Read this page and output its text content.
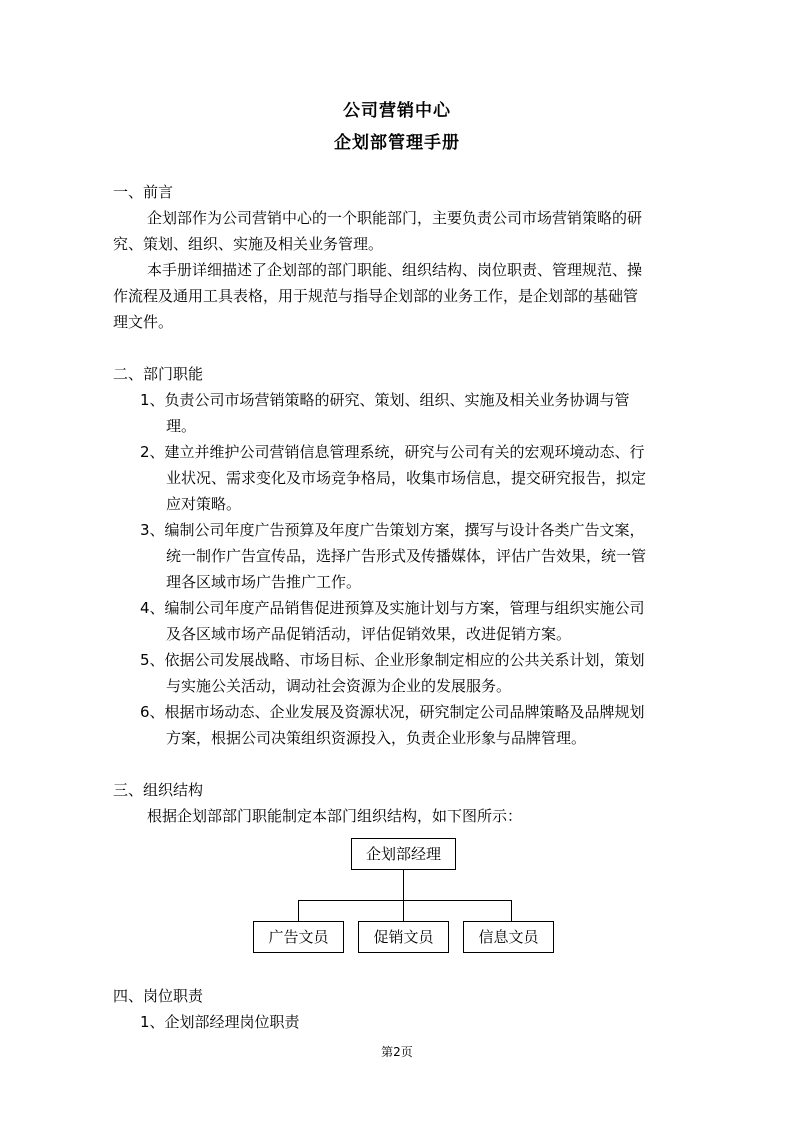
公司营销中心
企划部管理手册
一、前言
企划部作为公司营销中心的一个职能部门，主要负责公司市场营销策略的研
究、策划、组织、实施及相关业务管理。
本手册详细描述了企划部的部门职能、组织结构、岗位职责、管理规范、操
作流程及通用工具表格，用于规范与指导企划部的业务工作，是企划部的基础管
理文件。
二、部门职能
1、负责公司市场营销策略的研究、策划、组织、实施及相关业务协调与管
理。
2、建立并维护公司营销信息管理系统，研究与公司有关的宏观环境动态、行
业状况、需求变化及市场竞争格局，收集市场信息，提交研究报告，拟定
应对策略。
3、编制公司年度广告预算及年度广告策划方案，撰写与设计各类广告文案，
统一制作广告宣传品，选择广告形式及传播媒体，评估广告效果，统一管
理各区域市场广告推广工作。
4、编制公司年度产品销售促进预算及实施计划与方案，管理与组织实施公司
及各区域市场产品促销活动，评估促销效果，改进促销方案。
5、依据公司发展战略、市场目标、企业形象制定相应的公共关系计划，策划
与实施公关活动，调动社会资源为企业的发展服务。
6、根据市场动态、企业发展及资源状况，研究制定公司品牌策略及品牌规划
方案，根据公司决策组织资源投入，负责企业形象与品牌管理。
三、组织结构
根据企划部部门职能制定本部门组织结构，如下图所示：
企划部经理
广告文员	促销文员	信息文员
四、岗位职责
1、企划部经理岗位职责
第2页
